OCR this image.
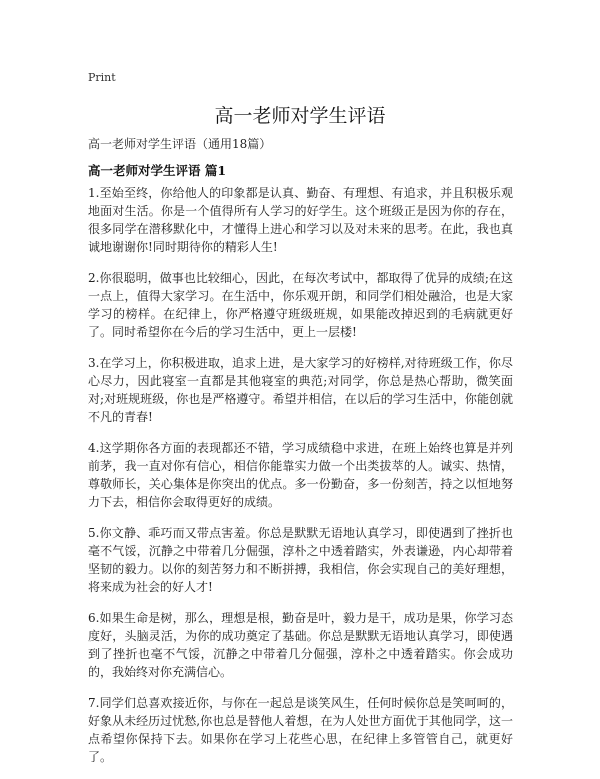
Print
高一老师对学生评语
高一老师对学生评语（通用18篇）
高一老师对学生评语 篇1

1.至始至终，你给他人的印象都是认真、勤奋、有理想、有追求，并且积极乐观地面对生活。你是一个值得所有人学习的好学生。这个班级正是因为你的存在，很多同学在潜移默化中，才懂得上进心和学习以及对未来的思考。在此，我也真诚地谢谢你!同时期待你的精彩人生!

2.你很聪明，做事也比较细心，因此，在每次考试中，都取得了优异的成绩;在这一点上，值得大家学习。在生活中，你乐观开朗，和同学们相处融洽，也是大家学习的榜样。在纪律上，你严格遵守班级班规，如果能改掉迟到的毛病就更好了。同时希望你在今后的学习生活中，更上一层楼!

3.在学习上，你积极进取，追求上进，是大家学习的好榜样,对待班级工作，你尽心尽力，因此寝室一直都是其他寝室的典范;对同学，你总是热心帮助，微笑面对;对班规班级，你也是严格遵守。希望并相信，在以后的学习生活中，你能创就不凡的青春!

4.这学期你各方面的表现都还不错，学习成绩稳中求进，在班上始终也算是并列前茅，我一直对你有信心，相信你能靠实力做一个出类拔萃的人。诚实、热情，尊敬师长，关心集体是你突出的优点。多一份勤奋，多一份刻苦，持之以恒地努力下去，相信你会取得更好的成绩。

5.你文静、乖巧而又带点害羞。你总是默默无语地认真学习，即使遇到了挫折也毫不气馁，沉静之中带着几分倔强，淳朴之中透着踏实，外表谦逊，内心却带着坚韧的毅力。以你的刻苦努力和不断拼搏，我相信，你会实现自己的美好理想，将来成为社会的好人才!

6.如果生命是树，那么，理想是根，勤奋是叶，毅力是干，成功是果，你学习态度好，头脑灵活，为你的成功奠定了基础。你总是默默无语地认真学习，即使遇到了挫折也毫不气馁，沉静之中带着几分倔强，淳朴之中透着踏实。你会成功的，我始终对你充满信心。

7.同学们总喜欢接近你，与你在一起总是谈笑风生，任何时候你总是笑呵呵的，好象从未经历过忧愁,你也总是替他人着想，在为人处世方面优于其他同学，这一点希望你保持下去。如果你在学习上花些心思，在纪律上多管管自己，就更好了。
